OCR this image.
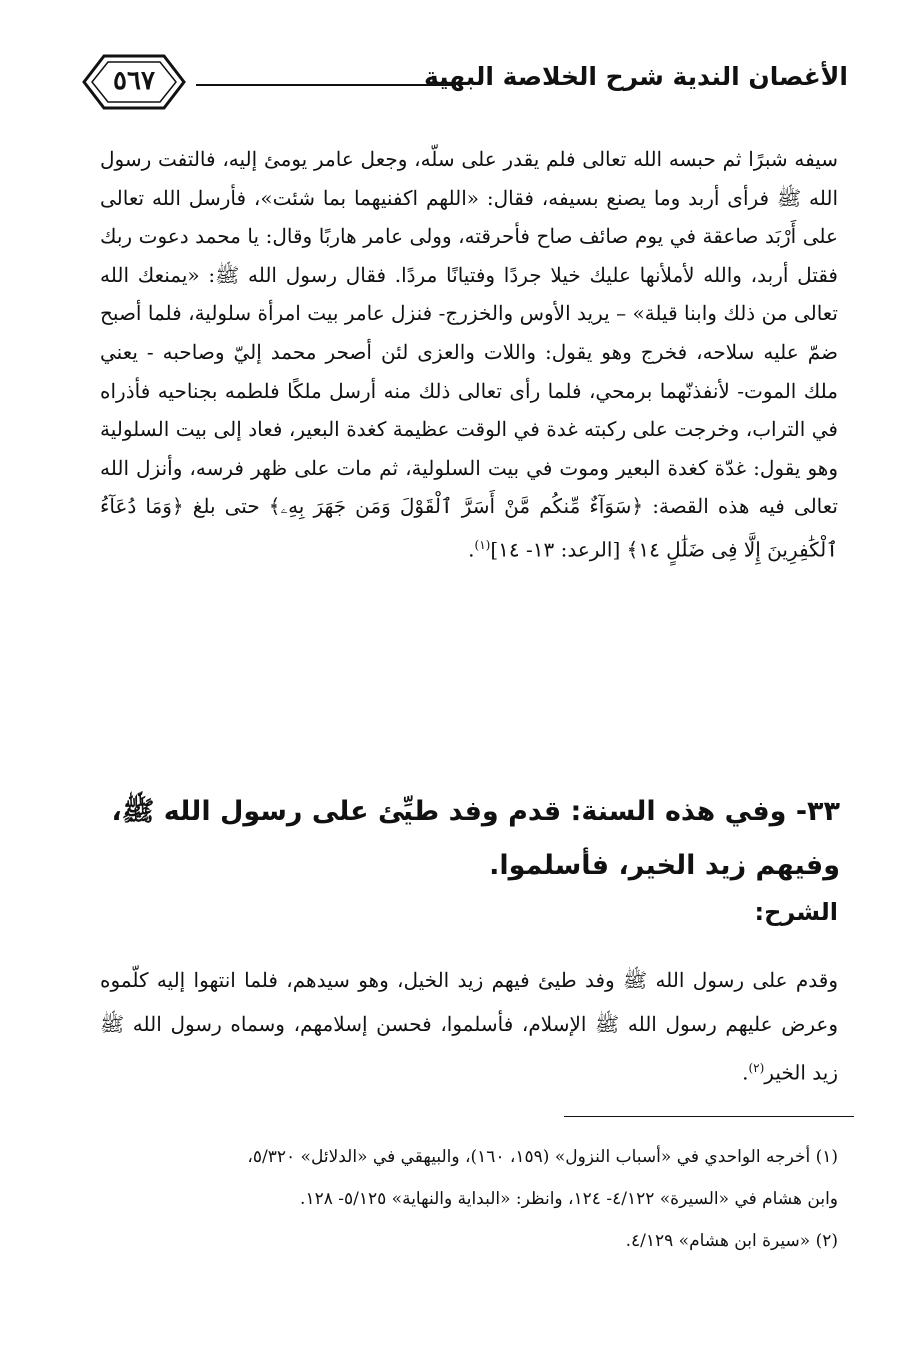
الأغصان الندية شرح الخلاصة البهية
٥٦٧

سيفه شبرًا ثم حبسه الله تعالى فلم يقدر على سلّه، وجعل عامر يومئ إليه، فالتفت رسول الله ﷺ فرأى أربد وما يصنع بسيفه، فقال: «اللهم اكفنيهما بما شئت»، فأرسل الله تعالى على أَرْبَد صاعقة في يوم صائف صاح فأحرقته، وولى عامر هاربًا وقال: يا محمد دعوت ربك فقتل أربد، والله لأملأنها عليك خيلا جردًا وفتيانًا مردًا. فقال رسول الله ﷺ: «يمنعك الله تعالى من ذلك وابنا قيلة» – يريد الأوس والخزرج- فنزل عامر بيت امرأة سلولية، فلما أصبح ضمّ عليه سلاحه، فخرج وهو يقول: واللات والعزى لئن أصحر محمد إليّ وصاحبه - يعني ملك الموت- لأنفذنّهما برمحي، فلما رأى تعالى ذلك منه أرسل ملكًا فلطمه بجناحيه فأذراه في التراب، وخرجت على ركبته غدة في الوقت عظيمة كغدة البعير، فعاد إلى بيت السلولية وهو يقول: غدّة كغدة البعير وموت في بيت السلولية، ثم مات على ظهر فرسه، وأنزل الله تعالى فيه هذه القصة: ﴿سَوَآءٌ مِّنكُم مَّنْ أَسَرَّ ٱلْقَوْلَ وَمَن جَهَرَ بِهِۦ﴾ حتى بلغ ﴿وَمَا دُعَآءُ ٱلْكَٰفِرِينَ إِلَّا فِى ضَلَٰلٍ ١٤﴾ [الرعد: ١٣- ١٤]$^{(١)}$.

٣٣- وفي هذه السنة: قدم وفد طيِّئ على رسول الله ﷺ، وفيهم زيد الخير، فأسلموا.
الشرح:

وقدم على رسول الله ﷺ وفد طيئ فيهم زيد الخيل، وهو سيدهم، فلما انتهوا إليه كلّموه وعرض عليهم رسول الله ﷺ الإسلام، فأسلموا، فحسن إسلامهم، وسماه رسول الله ﷺ زيد الخير$^{(٢)}$.

(١) أخرجه الواحدي في «أسباب النزول» (١٥٩، ١٦٠)، والبيهقي في «الدلائل» ٥/٣٢٠،

وابن هشام في «السيرة» ٤/١٢٢- ١٢٤، وانظر: «البداية والنهاية» ٥/١٢٥- ١٢٨.

(٢) «سيرة ابن هشام» ٤/١٢٩.
